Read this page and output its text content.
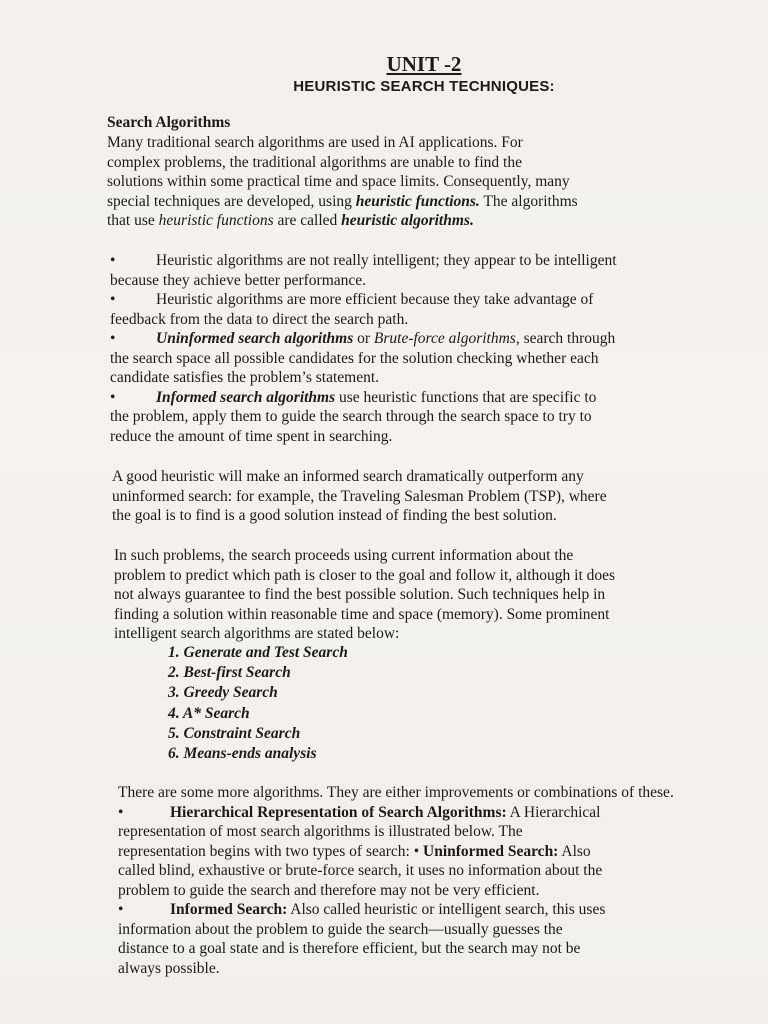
UNIT -2
HEURISTIC SEARCH TECHNIQUES:
Search Algorithms
Many traditional search algorithms are used in AI applications. For
complex problems, the traditional algorithms are unable to find the
solutions within some practical time and space limits. Consequently, many
special techniques are developed, using heuristic functions. The algorithms
that use heuristic functions are called heuristic algorithms.
•	Heuristic algorithms are not really intelligent; they appear to be intelligent
because they achieve better performance.
•	Heuristic algorithms are more efficient because they take advantage of
feedback from the data to direct the search path.
•	Uninformed search algorithms or Brute-force algorithms, search through
the search space all possible candidates for the solution checking whether each
candidate satisfies the problem’s statement.
•	Informed search algorithms use heuristic functions that are specific to
the problem, apply them to guide the search through the search space to try to
reduce the amount of time spent in searching.
A good heuristic will make an informed search dramatically outperform any
uninformed search: for example, the Traveling Salesman Problem (TSP), where
the goal is to find is a good solution instead of finding the best solution.
In such problems, the search proceeds using current information about the
problem to predict which path is closer to the goal and follow it, although it does
not always guarantee to find the best possible solution. Such techniques help in
finding a solution within reasonable time and space (memory). Some prominent
intelligent search algorithms are stated below:
1. Generate and Test Search
2. Best-first Search
3. Greedy Search
4. A* Search
5. Constraint Search
6. Means-ends analysis
There are some more algorithms. They are either improvements or combinations of these.
•	Hierarchical Representation of Search Algorithms: A Hierarchical
representation of most search algorithms is illustrated below. The
representation begins with two types of search: • Uninformed Search: Also
called blind, exhaustive or brute-force search, it uses no information about the
problem to guide the search and therefore may not be very efficient.
•	Informed Search: Also called heuristic or intelligent search, this uses
information about the problem to guide the search—usually guesses the
distance to a goal state and is therefore efficient, but the search may not be
always possible.
